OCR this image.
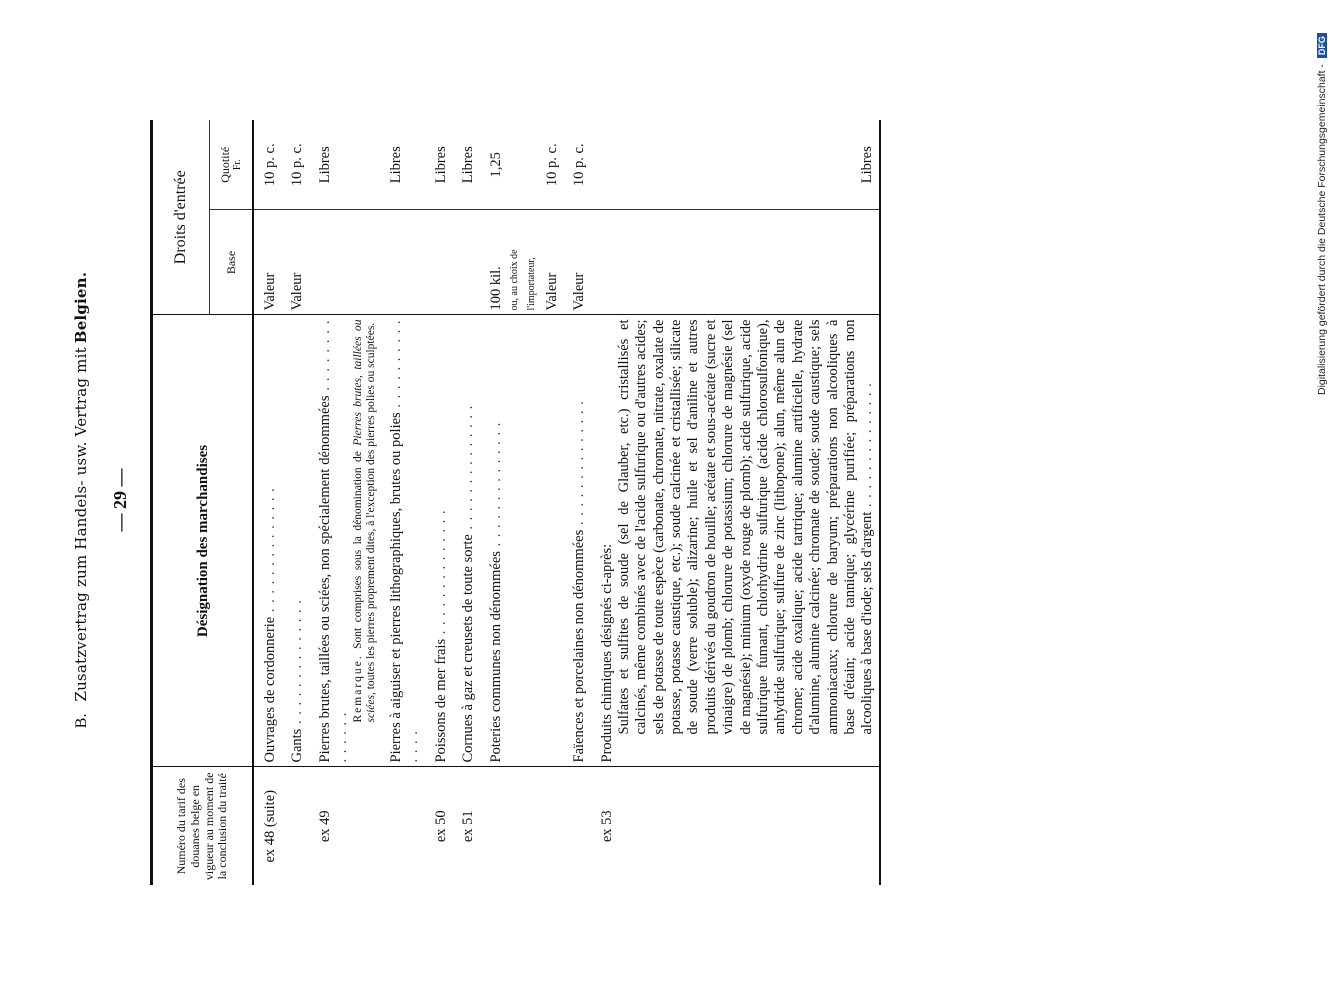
B. Zusatzvertrag zum Handels- usw. Vertrag mit Belgien.
— 29 —
Numéro du tarif des douanes belge en vigueur au moment de la conclusion du traité	Désignation des marchandises	Droits d'entrée	
		Base	Quotité Fr.

ex 48 (suite)	Ouvrages de cordonnerie . . .	Valeur	10 p. c.
	Gants . . .	Valeur	10 p. c.
ex 49	Pierres brutes, taillées ou sciées, non spécialement dénommées . . . Remarque. Sont comprises sous la dénomination de Pierres brutes, taillées ou sciées, toutes les pierres proprement dites, à l'exception des pierres polies ou sculptées.		Libres
	Pierres à aiguiser et pierres lithographiques, brutes ou polies . . .		Libres
ex 50	Poissons de mer frais . . .		Libres
ex 51	Cornues à gaz et creusets de toute sorte . . .		Libres
	Poteries communes non dénommées . . .	100 kil. ou, au choix de l'importateur,	1,25
		Valeur	10 p. c.
	Faïences et porcelaines non dénommées . . .	Valeur	10 p. c.
ex 53	Produits chimiques désignés ci-après: Sulfates et sulfites de soude (sel de Glauber, etc.) cristallisés et calcinés, même combinés avec de l'acide sulfurique ou d'autres acides; sels de potasse de toute espèce (carbonate, chromate, nitrate, oxalate de potasse, potasse caustique, etc.); soude calcinée et cristallisée; silicate de soude (verre soluble); alizarine; huile et sel d'aniline et autres produits dérivés du goudron de houille; acétate et sous-acétate (sucre et vinaigre) de plomb; chlorure de potassium; chlorure de magnésie (sel de magnésie); minium (oxyde rouge de plomb); acide sulfurique, acide sulfurique fumant, chlorhydrine sulfurique (acide chlorosulfonique), anhydride sulfurique; sulfure de zinc (lithopone); alun, même alun de chrome; acide oxalique; acide tartrique; alumine artificielle, hydrate d'alumine, alumine calcinée; chromate de soude; soude caustique; sels ammoniacaux; chlorure de baryum; préparations non alcooliques à base d'étain; acide tannique; glycérine purifiée; préparations non alcooliques à base d'iode; sels d'argent . . .		Libres	Digitalisierung gefördert durch die Deutsche Forschungsgemeinschaft - DFG
